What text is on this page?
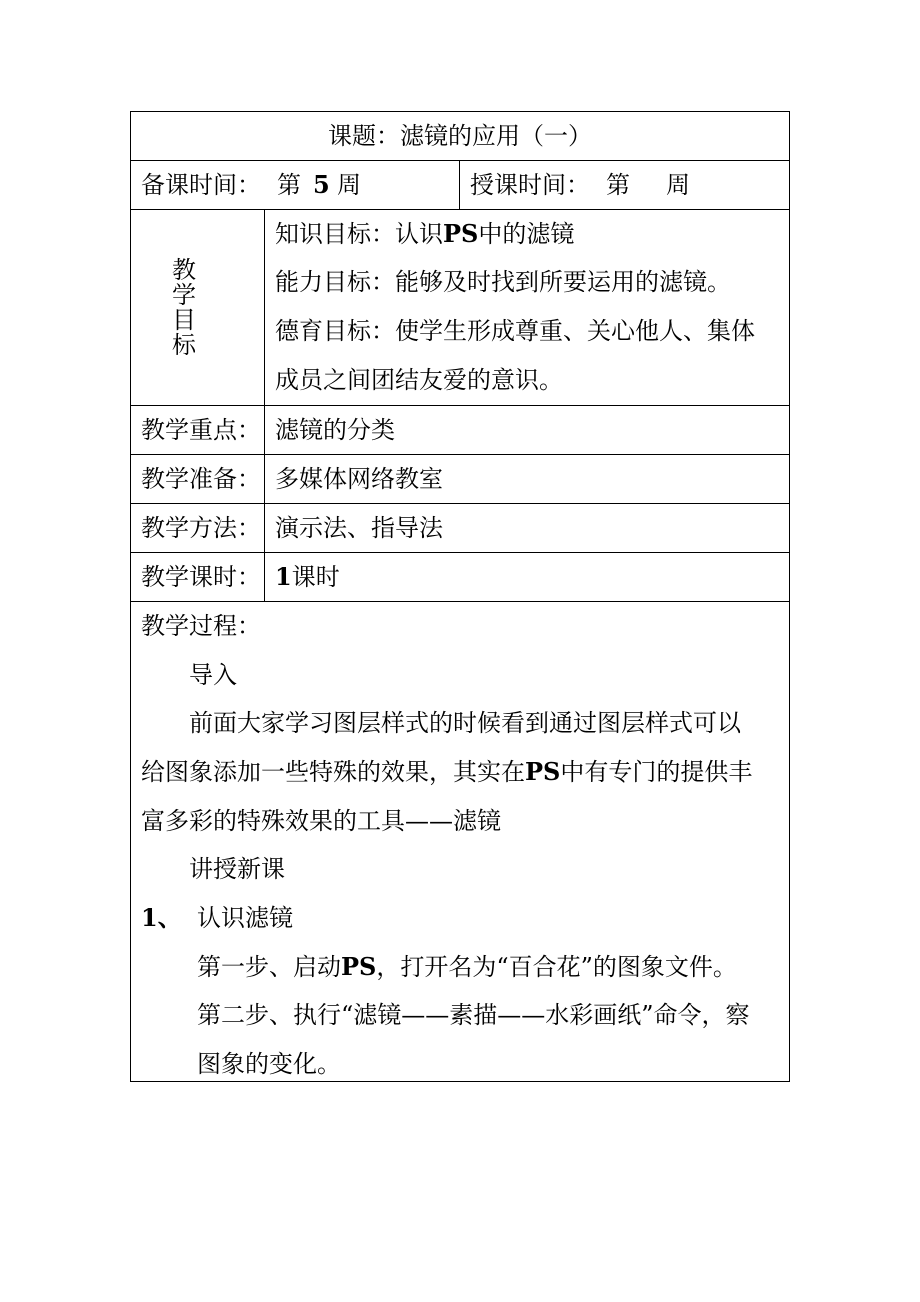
课题：滤镜的应用（一）
备课时间： 第 5 周	授课时间： 第 周
教
学
目
标
知识目标：认识PS中的滤镜
能力目标：能够及时找到所要运用的滤镜。
德育目标：使学生形成尊重、关心他人、集体
成员之间团结友爱的意识。
教学重点： 滤镜的分类
教学准备： 多媒体网络教室
教学方法： 演示法、指导法
教学课时： 1课时
教学过程：
导入
前面大家学习图层样式的时候看到通过图层样式可以
给图象添加一些特殊的效果，其实在PS中有专门的提供丰
富多彩的特殊效果的工具——滤镜
讲授新课
1、 认识滤镜
第一步、启动PS，打开名为“百合花”的图象文件。
第二步、执行“滤镜——素描——水彩画纸”命令，察
图象的变化。
